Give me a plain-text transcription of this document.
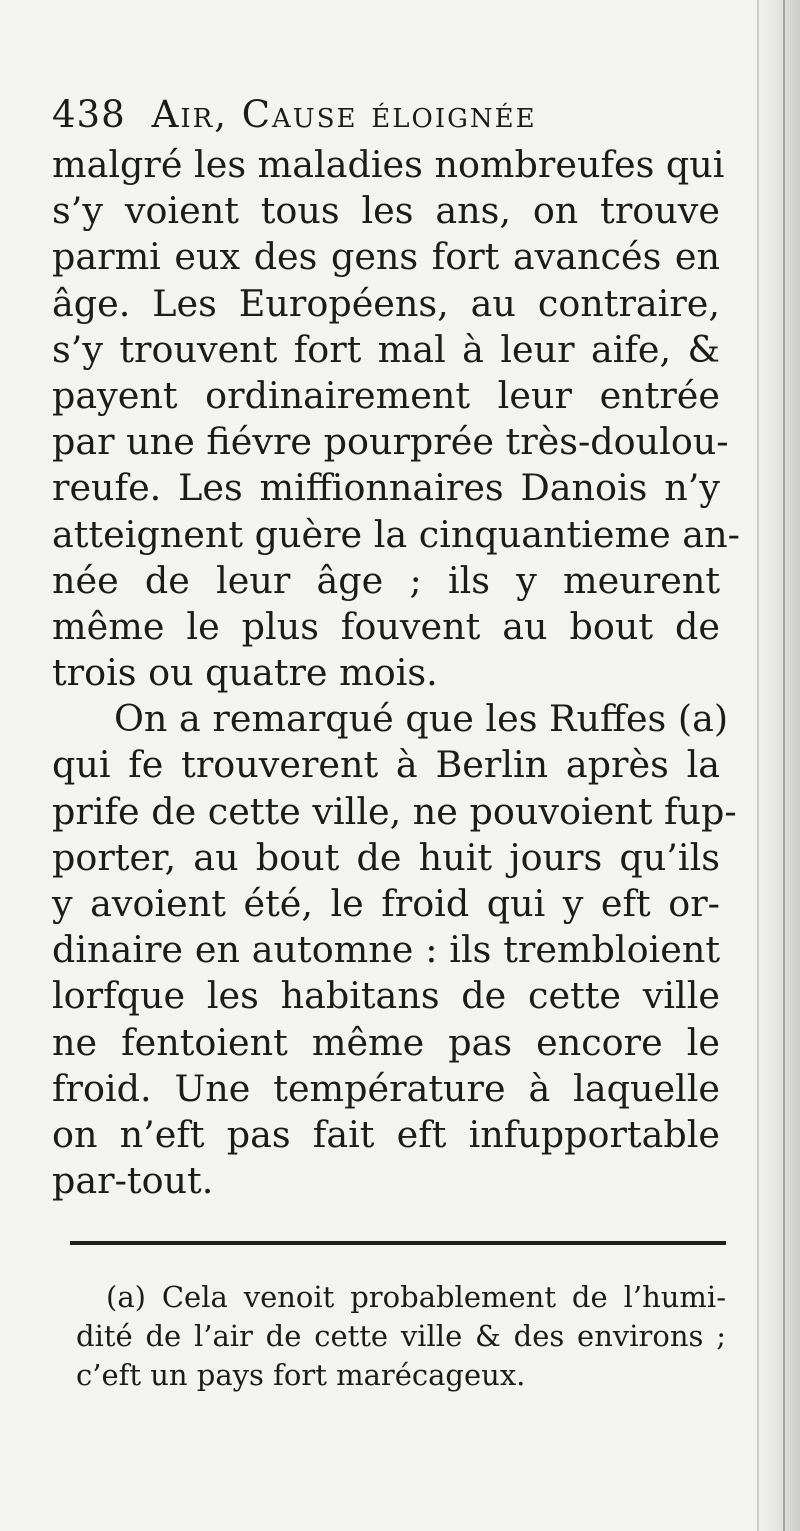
438 Air, Cause éloignée
malgré les maladies nombreufes qui
s’y voient tous les ans, on trouve
parmi eux des gens fort avancés en
âge. Les Européens, au contraire,
s’y trouvent fort mal à leur aife, &
payent ordinairement leur entrée
par une fiévre pourprée très-doulou-
reufe. Les miffionnaires Danois n’y
atteignent guère la cinquantieme an-
née de leur âge ; ils y meurent
même le plus fouvent au bout de
trois ou quatre mois.
On a remarqué que les Ruffes (a)
qui fe trouverent à Berlin après la
prife de cette ville, ne pouvoient fup-
porter, au bout de huit jours qu’ils
y avoient été, le froid qui y eft or-
dinaire en automne : ils trembloient
lorfque les habitans de cette ville
ne fentoient même pas encore le
froid. Une température à laquelle
on n’eft pas fait eft infupportable
par-tout.
(a) Cela venoit probablement de l’humi-
dité de l’air de cette ville & des environs ;
c’eft un pays fort marécageux.
